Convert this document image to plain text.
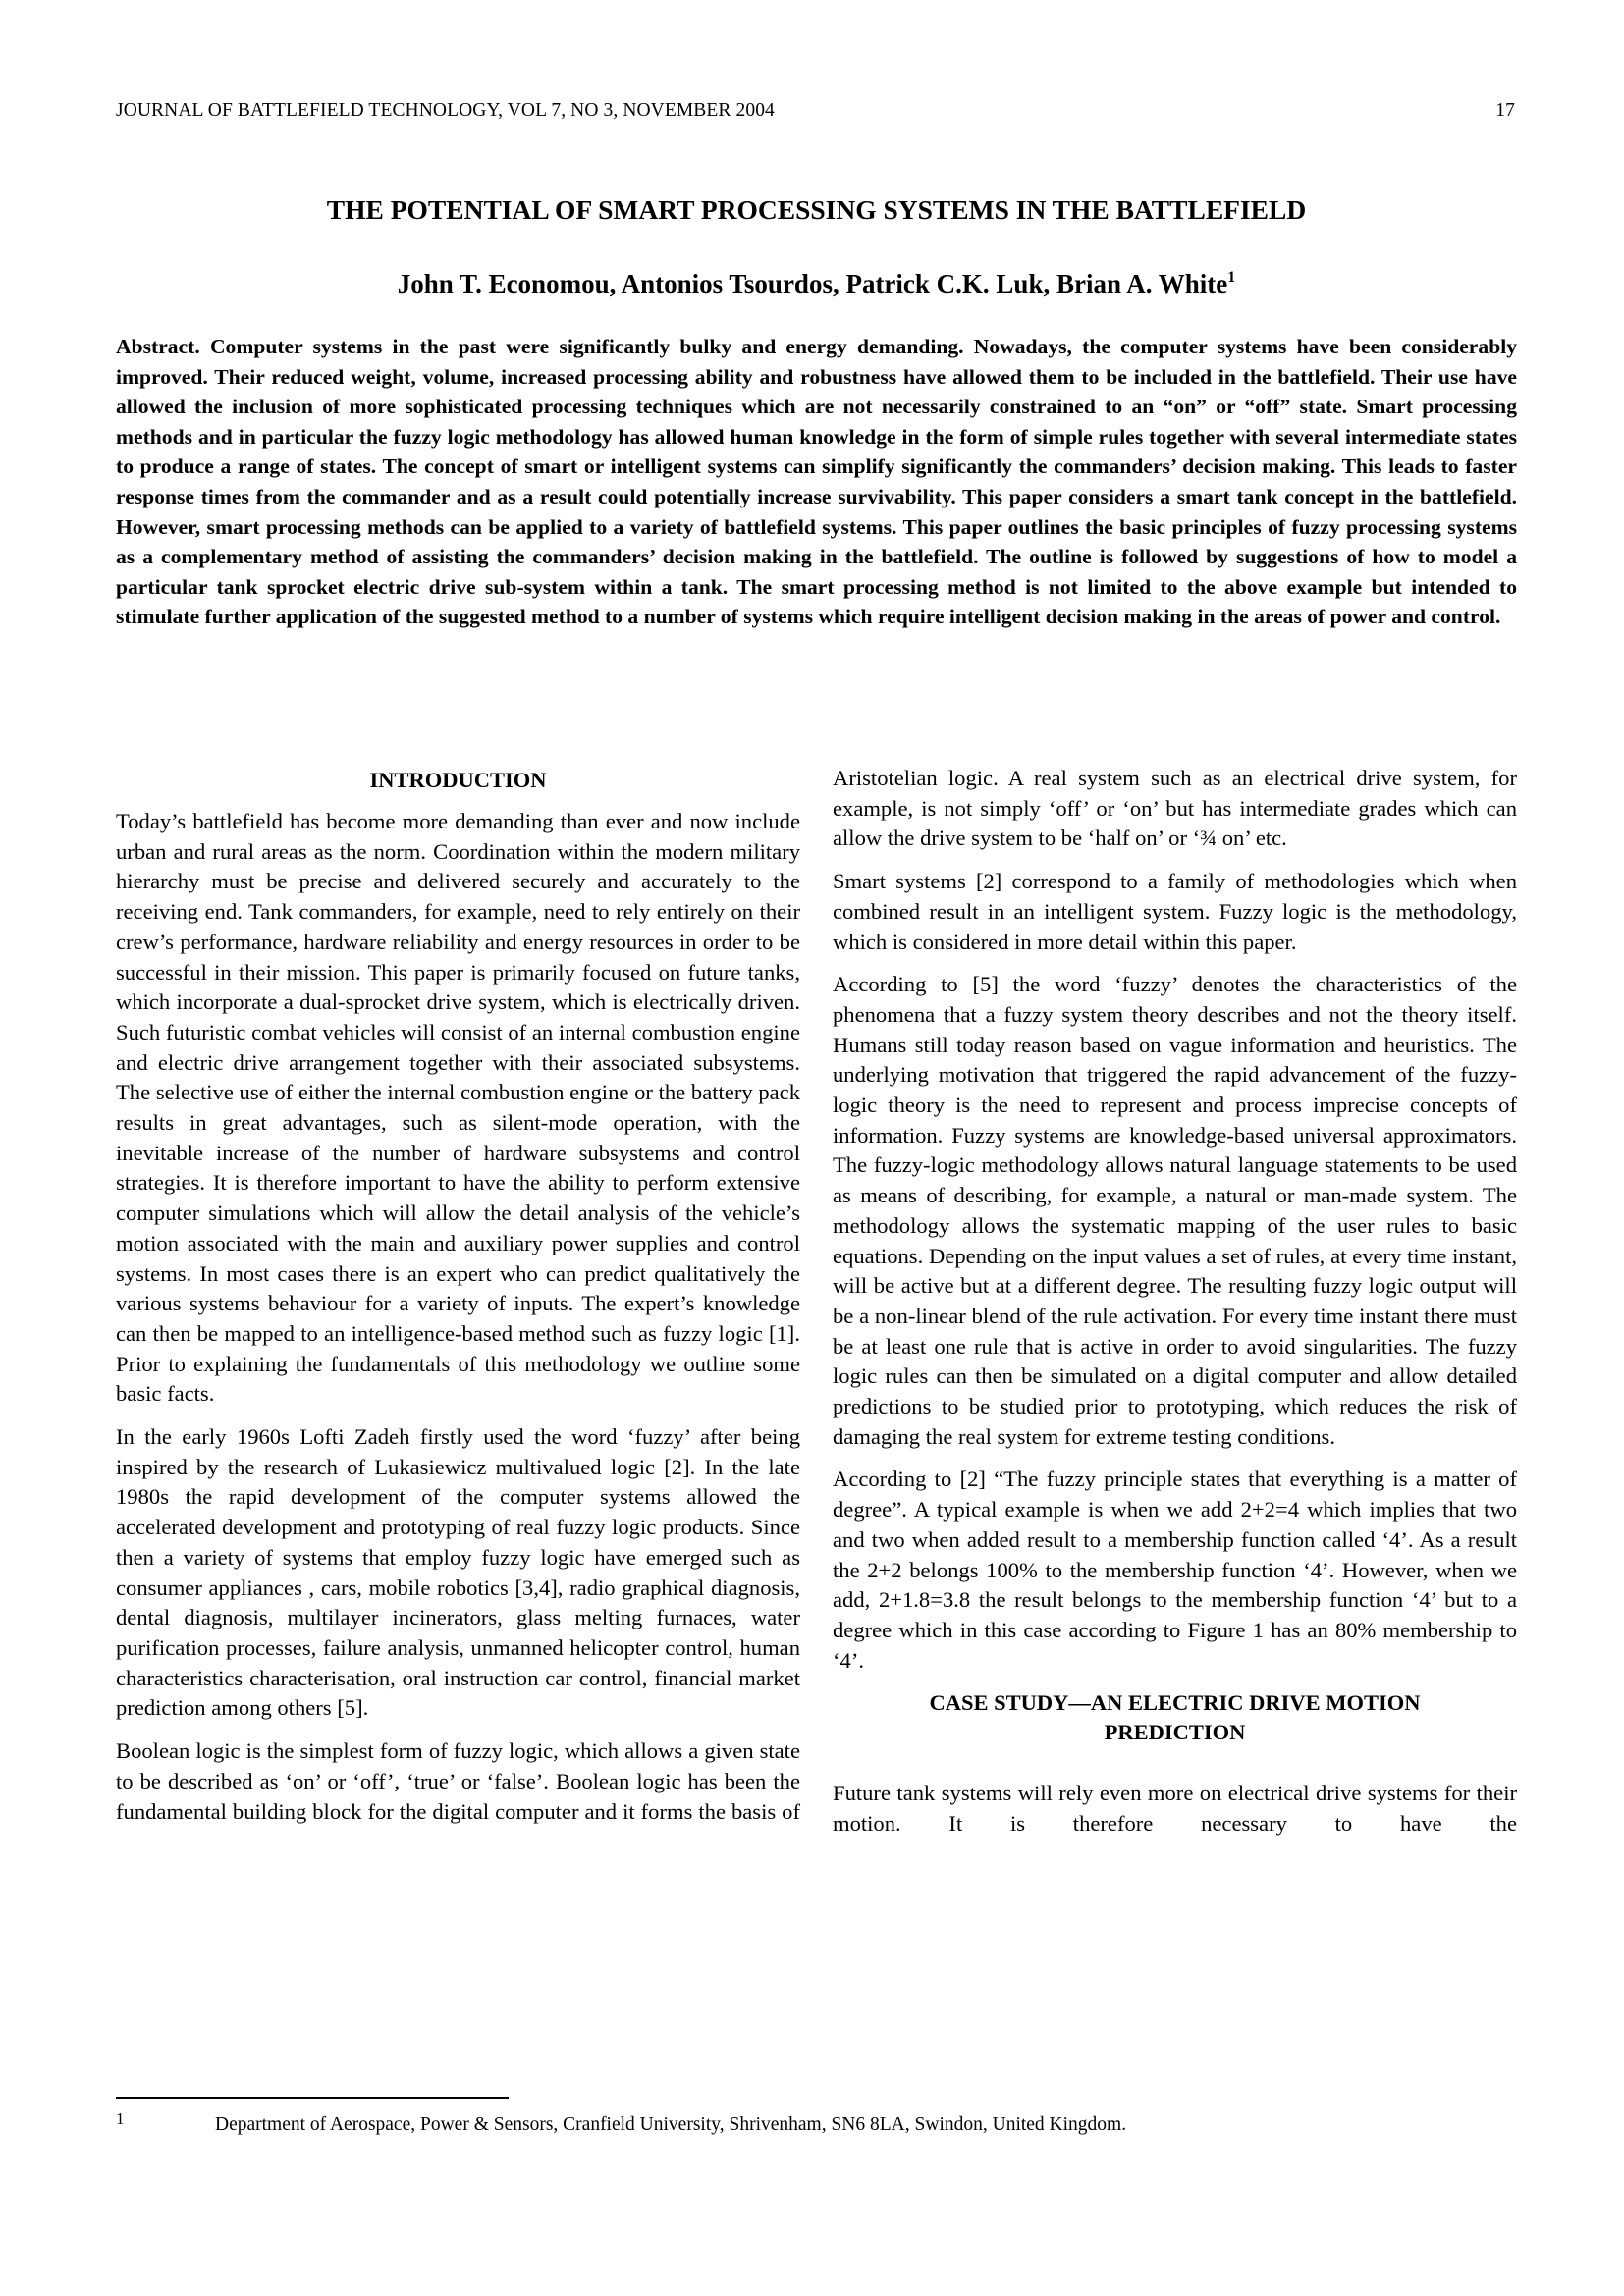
JOURNAL OF BATTLEFIELD TECHNOLOGY, VOL 7, NO 3, NOVEMBER 2004	17
THE POTENTIAL OF SMART PROCESSING SYSTEMS IN THE BATTLEFIELD
John T. Economou, Antonios Tsourdos, Patrick C.K. Luk, Brian A. White$^1$

Abstract. Computer systems in the past were significantly bulky and energy demanding. Nowadays, the computer systems have been considerably improved. Their reduced weight, volume, increased processing ability and robustness have allowed them to be included in the battlefield. Their use have allowed the inclusion of more sophisticated processing techniques which are not necessarily constrained to an “on” or “off” state. Smart processing methods and in particular the fuzzy logic methodology has allowed human knowledge in the form of simple rules together with several intermediate states to produce a range of states. The concept of smart or intelligent systems can simplify significantly the commanders’ decision making. This leads to faster response times from the commander and as a result could potentially increase survivability. This paper considers a smart tank concept in the battlefield. However, smart processing methods can be applied to a variety of battlefield systems. This paper outlines the basic principles of fuzzy processing systems as a complementary method of assisting the commanders’ decision making in the battlefield. The outline is followed by suggestions of how to model a particular tank sprocket electric drive sub-system within a tank. The smart processing method is not limited to the above example but intended to stimulate further application of the suggested method to a number of systems which require intelligent decision making in the areas of power and control.

INTRODUCTION

Today’s battlefield has become more demanding than ever and now include urban and rural areas as the norm. Coordination within the modern military hierarchy must be precise and delivered securely and accurately to the receiving end. Tank commanders, for example, need to rely entirely on their crew’s performance, hardware reliability and energy resources in order to be successful in their mission. This paper is primarily focused on future tanks, which incorporate a dual-sprocket drive system, which is electrically driven. Such futuristic combat vehicles will consist of an internal combustion engine and electric drive arrangement together with their associated subsystems. The selective use of either the internal combustion engine or the battery pack results in great advantages, such as silent-mode operation, with the inevitable increase of the number of hardware subsystems and control strategies. It is therefore important to have the ability to perform extensive computer simulations which will allow the detail analysis of the vehicle’s motion associated with the main and auxiliary power supplies and control systems. In most cases there is an expert who can predict qualitatively the various systems behaviour for a variety of inputs. The expert’s knowledge can then be mapped to an intelligence-based method such as fuzzy logic [1]. Prior to explaining the fundamentals of this methodology we outline some basic facts.

In the early 1960s Lofti Zadeh firstly used the word ‘fuzzy’ after being inspired by the research of Lukasiewicz multivalued logic [2]. In the late 1980s the rapid development of the computer systems allowed the accelerated development and prototyping of real fuzzy logic products. Since then a variety of systems that employ fuzzy logic have emerged such as consumer appliances , cars, mobile robotics [3,4], radio graphical diagnosis, dental diagnosis, multilayer incinerators, glass melting furnaces, water purification processes, failure analysis, unmanned helicopter control, human characteristics characterisation, oral instruction car control, financial market prediction among others [5].

Boolean logic is the simplest form of fuzzy logic, which allows a given state to be described as ‘on’ or ‘off’, ‘true’ or ‘false’. Boolean logic has been the fundamental building block for the digital computer and it forms the basis of

Aristotelian logic. A real system such as an electrical drive system, for example, is not simply ‘off’ or ‘on’ but has intermediate grades which can allow the drive system to be ‘half on’ or ‘¾ on’ etc.

Smart systems [2] correspond to a family of methodologies which when combined result in an intelligent system. Fuzzy logic is the methodology, which is considered in more detail within this paper.

According to [5] the word ‘fuzzy’ denotes the characteristics of the phenomena that a fuzzy system theory describes and not the theory itself. Humans still today reason based on vague information and heuristics. The underlying motivation that triggered the rapid advancement of the fuzzy-logic theory is the need to represent and process imprecise concepts of information. Fuzzy systems are knowledge-based universal approximators. The fuzzy-logic methodology allows natural language statements to be used as means of describing, for example, a natural or man-made system. The methodology allows the systematic mapping of the user rules to basic equations. Depending on the input values a set of rules, at every time instant, will be active but at a different degree. The resulting fuzzy logic output will be a non-linear blend of the rule activation. For every time instant there must be at least one rule that is active in order to avoid singularities. The fuzzy logic rules can then be simulated on a digital computer and allow detailed predictions to be studied prior to prototyping, which reduces the risk of damaging the real system for extreme testing conditions.

According to [2] “The fuzzy principle states that everything is a matter of degree”. A typical example is when we add 2+2=4 which implies that two and two when added result to a membership function called ‘4’. As a result the 2+2 belongs 100% to the membership function ‘4’. However, when we add, 2+1.8=3.8 the result belongs to the membership function ‘4’ but to a degree which in this case according to Figure 1 has an 80% membership to ‘4’.

CASE STUDY—AN ELECTRIC DRIVE MOTION PREDICTION

Future tank systems will rely even more on electrical drive systems for their motion. It is therefore necessary to have the

1	Department of Aerospace, Power & Sensors, Cranfield University, Shrivenham, SN6 8LA, Swindon, United Kingdom.
